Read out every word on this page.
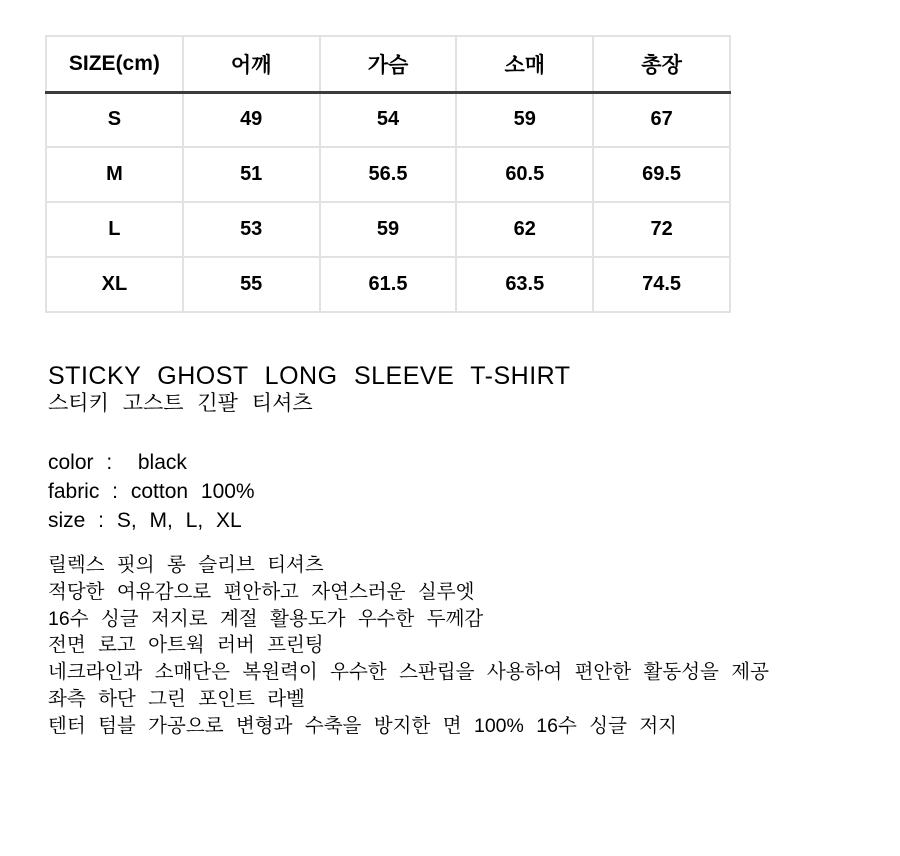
SIZE(cm)	어깨	가슴	소매	총장
S	49	54	59	67
M	51	56.5	60.5	69.5
L	53	59	62	72
XL	55	61.5	63.5	74.5
STICKY GHOST LONG SLEEVE T-SHIRT
스티키 고스트 긴팔 티셔츠
color :  black
fabric : cotton 100%
size : S, M, L, XL
릴렉스 핏의 롱 슬리브 티셔츠
적당한 여유감으로 편안하고 자연스러운 실루엣
16수 싱글 저지로 계절 활용도가 우수한 두께감
전면 로고 아트웍 러버 프린팅
네크라인과 소매단은 복원력이 우수한 스판립을 사용하여 편안한 활동성을 제공
좌측 하단 그린 포인트 라벨
텐터 텀블 가공으로 변형과 수축을 방지한 면 100% 16수 싱글 저지
